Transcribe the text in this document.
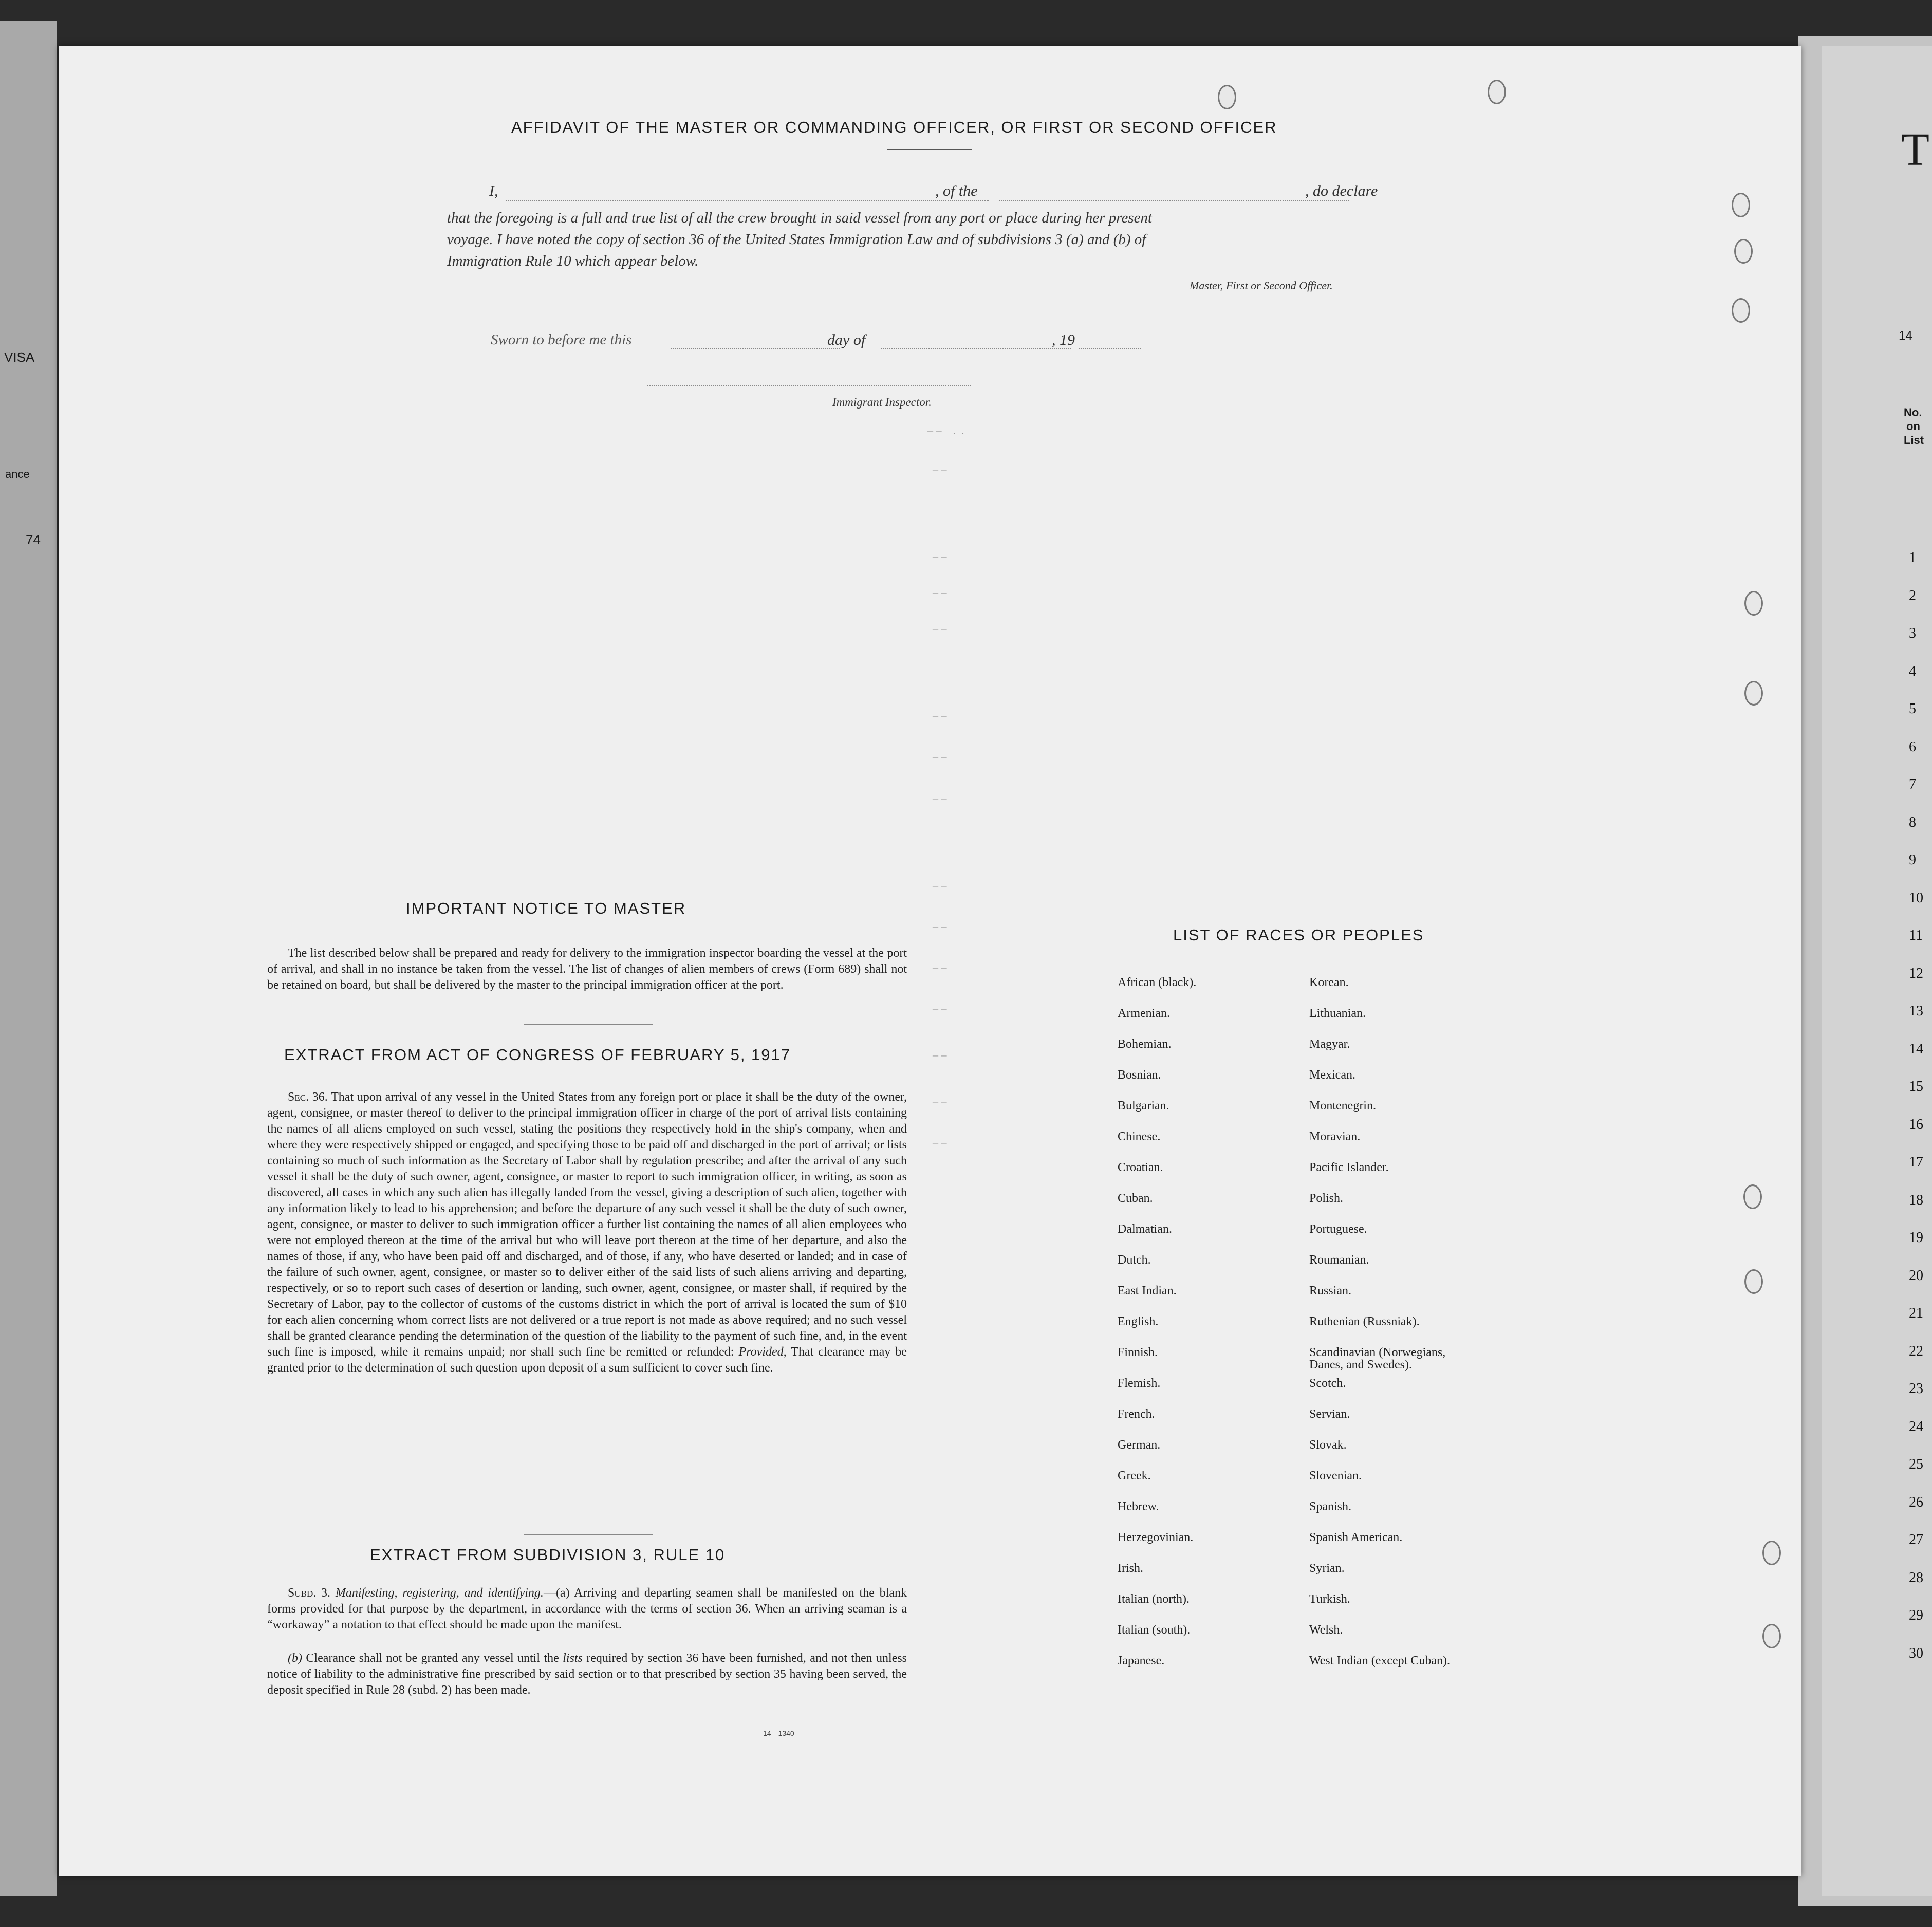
VISA
ance
74
T
14
No.
on
List
1
2
3
4
5
6
7
8
9
10
11
12
13
14
15
16
17
18
19
20
21
22
23
24
25
26
27
28
29
30
AFFIDAVIT OF THE MASTER OR COMMANDING OFFICER, OR FIRST OR SECOND OFFICER
I,	, of the	, do declare
that the foregoing is a full and true list of all the crew brought in said vessel from any port or place during her present
voyage. I have noted the copy of section 36 of the United States Immigration Law and of subdivisions 3 (a) and (b) of
Immigration Rule 10 which appear below.
Master, First or Second Officer.
Sworn to before me this	day of	, 19
Immigrant Inspector.
– –    .  .
– –
– –
– –
– –
– –
– –
– –
– –
– –
– –
– –
– –
– –
– –
IMPORTANT NOTICE TO MASTER
The list described below shall be prepared and ready for delivery to the immigration inspector boarding the vessel at the port of arrival, and shall in no instance be taken from the vessel. The list of changes of alien members of crews (Form 689) shall not be retained on board, but shall be delivered by the master to the principal immigration officer at the port.
EXTRACT FROM ACT OF CONGRESS OF FEBRUARY 5, 1917
Sec. 36. That upon arrival of any vessel in the United States from any foreign port or place it shall be the duty of the owner, agent, consignee, or master thereof to deliver to the principal immigration officer in charge of the port of arrival lists containing the names of all aliens employed on such vessel, stating the positions they respectively hold in the ship's company, when and where they were respectively shipped or engaged, and specifying those to be paid off and discharged in the port of arrival; or lists containing so much of such information as the Secretary of Labor shall by regulation prescribe; and after the arrival of any such vessel it shall be the duty of such owner, agent, consignee, or master to report to such immigration officer, in writing, as soon as discovered, all cases in which any such alien has illegally landed from the vessel, giving a description of such alien, together with any information likely to lead to his apprehension; and before the departure of any such vessel it shall be the duty of such owner, agent, consignee, or master to deliver to such immigration officer a further list containing the names of all alien employees who were not employed thereon at the time of the arrival but who will leave port thereon at the time of her departure, and also the names of those, if any, who have been paid off and discharged, and of those, if any, who have deserted or landed; and in case of the failure of such owner, agent, consignee, or master so to deliver either of the said lists of such aliens arriving and departing, respectively, or so to report such cases of desertion or landing, such owner, agent, consignee, or master shall, if required by the Secretary of Labor, pay to the collector of customs of the customs district in which the port of arrival is located the sum of $10 for each alien concerning whom correct lists are not delivered or a true report is not made as above required; and no such vessel shall be granted clearance pending the determination of the question of the liability to the payment of such fine, and, in the event such fine is imposed, while it remains unpaid; nor shall such fine be remitted or refunded: Provided, That clearance may be granted prior to the determination of such question upon deposit of a sum sufficient to cover such fine.
EXTRACT FROM SUBDIVISION 3, RULE 10
Subd. 3. Manifesting, registering, and identifying.—(a) Arriving and departing seamen shall be manifested on the blank forms provided for that purpose by the department, in accordance with the terms of section 36. When an arriving seaman is a “workaway” a notation to that effect should be made upon the manifest.
(b) Clearance shall not be granted any vessel until the lists required by section 36 have been furnished, and not then unless notice of liability to the administrative fine prescribed by said section or to that prescribed by section 35 having been served, the deposit specified in Rule 28 (subd. 2) has been made.
14—1340
LIST OF RACES OR PEOPLES
African (black).
Armenian.
Bohemian.
Bosnian.
Bulgarian.
Chinese.
Croatian.
Cuban.
Dalmatian.
Dutch.
East Indian.
English.
Finnish.
Flemish.
French.
German.
Greek.
Hebrew.
Herzegovinian.
Irish.
Italian (north).
Italian (south).
Japanese.
Korean.
Lithuanian.
Magyar.
Mexican.
Montenegrin.
Moravian.
Pacific Islander.
Polish.
Portuguese.
Roumanian.
Russian.
Ruthenian (Russniak).
Scandinavian (Norwegians, Danes, and Swedes).
Scotch.
Servian.
Slovak.
Slovenian.
Spanish.
Spanish American.
Syrian.
Turkish.
Welsh.
West Indian (except Cuban).
